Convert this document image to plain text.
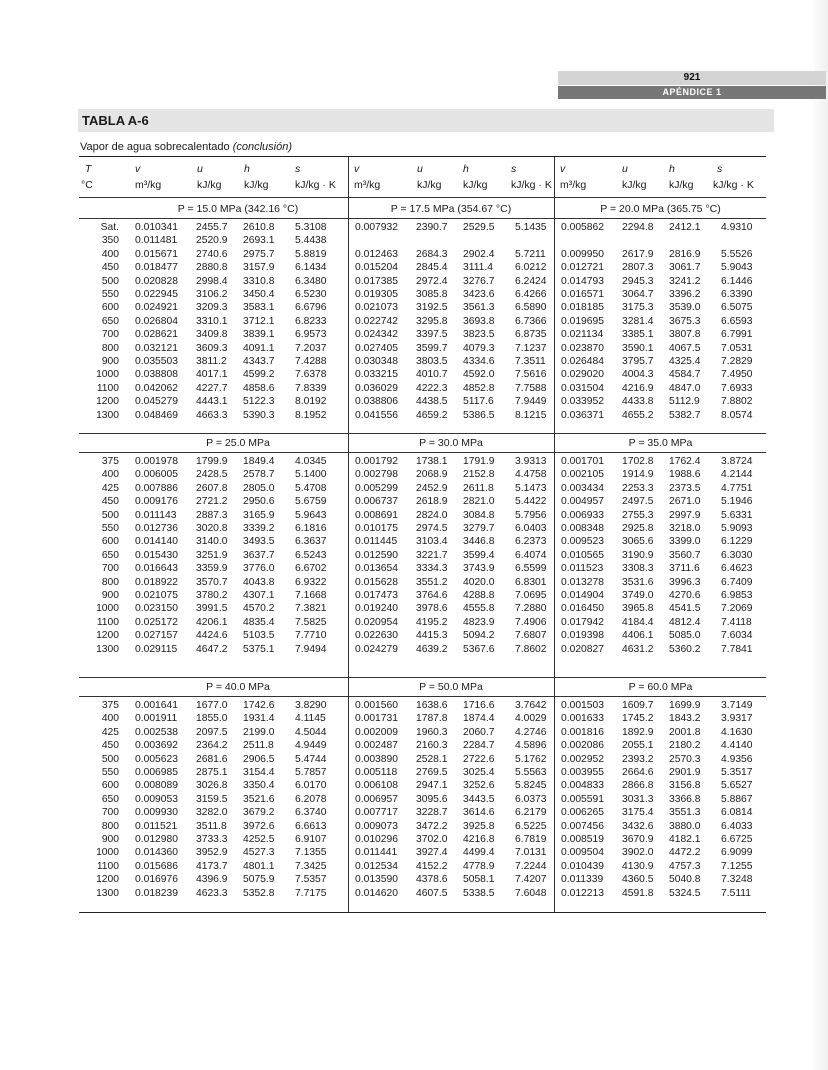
921
APÉNDICE 1
TABLA A-6
Vapor de agua sobrecalentado (conclusión)
T
°C
v	u	h	s
m³/kg	kJ/kg kJ/kg	kJ/kg · K
v	u	h	s
m³/kg	kJ/kg kJ/kg kJ/kg · K
v	u	h	s
m³/kg	kJ/kg kJ/kg kJ/kg · K
P = 15.0 MPa (342.16 °C)	P = 17.5 MPa (354.67 °C)	P = 20.0 MPa (365.75 °C)
Sat. 0.010341 2455.7 2610.8 5.3108	0.007932 2390.7 2529.5 5.1435 0.005862 2294.8 2412.1 4.9310
350 0.011481 2520.9 2693.1 5.4438
400 0.015671 2740.6 2975.7 5.8819	0.012463 2684.3 2902.4 5.7211 0.009950 2617.9 2816.9 5.5526
450 0.018477 2880.8 3157.9 6.1434	0.015204 2845.4 3111.4 6.0212 0.012721 2807.3 3061.7 5.9043
500 0.020828 2998.4 3310.8 6.3480	0.017385 2972.4 3276.7 6.2424 0.014793 2945.3 3241.2 6.1446
550 0.022945 3106.2 3450.4 6.5230	0.019305 3085.8 3423.6 6.4266 0.016571 3064.7 3396.2 6.3390
600 0.024921 3209.3 3583.1 6.6796	0.021073 3192.5 3561.3 6.5890 0.018185 3175.3 3539.0 6.5075
650 0.026804 3310.1 3712.1 6.8233	0.022742 3295.8 3693.8 6.7366 0.019695 3281.4 3675.3 6.6593
700 0.028621 3409.8 3839.1 6.9573	0.024342 3397.5 3823.5 6.8735 0.021134 3385.1 3807.8 6.7991
800 0.032121 3609.3 4091.1 7.2037	0.027405 3599.7 4079.3 7.1237 0.023870 3590.1 4067.5 7.0531
900 0.035503 3811.2 4343.7 7.4288	0.030348 3803.5 4334.6 7.3511 0.026484 3795.7 4325.4 7.2829
1000 0.038808 4017.1 4599.2 7.6378	0.033215 4010.7 4592.0 7.5616 0.029020 4004.3 4584.7 7.4950
1100 0.042062 4227.7 4858.6 7.8339	0.036029 4222.3 4852.8 7.7588 0.031504 4216.9 4847.0 7.6933
1200 0.045279 4443.1 5122.3 8.0192	0.038806 4438.5 5117.6 7.9449 0.033952 4433.8 5112.9 7.8802
1300 0.048469 4663.3 5390.3 8.1952	0.041556 4659.2 5386.5 8.1215 0.036371 4655.2 5382.7 8.0574
P = 25.0 MPa	P = 30.0 MPa	P = 35.0 MPa
375 0.001978 1799.9 1849.4 4.0345	0.001792 1738.1 1791.9 3.9313 0.001701 1702.8 1762.4 3.8724
400 0.006005 2428.5 2578.7 5.1400	0.002798 2068.9 2152.8 4.4758 0.002105 1914.9 1988.6 4.2144
425 0.007886 2607.8 2805.0 5.4708	0.005299 2452.9 2611.8 5.1473 0.003434 2253.3 2373.5 4.7751
450 0.009176 2721.2 2950.6 5.6759	0.006737 2618.9 2821.0 5.4422 0.004957 2497.5 2671.0 5.1946
500 0.011143 2887.3 3165.9 5.9643	0.008691 2824.0 3084.8 5.7956 0.006933 2755.3 2997.9 5.6331
550 0.012736 3020.8 3339.2 6.1816	0.010175 2974.5 3279.7 6.0403 0.008348 2925.8 3218.0 5.9093
600 0.014140 3140.0 3493.5 6.3637	0.011445 3103.4 3446.8 6.2373 0.009523 3065.6 3399.0 6.1229
650 0.015430 3251.9 3637.7 6.5243	0.012590 3221.7 3599.4 6.4074 0.010565 3190.9 3560.7 6.3030
700 0.016643 3359.9 3776.0 6.6702	0.013654 3334.3 3743.9 6.5599 0.011523 3308.3 3711.6 6.4623
800 0.018922 3570.7 4043.8 6.9322	0.015628 3551.2 4020.0 6.8301 0.013278 3531.6 3996.3 6.7409
900 0.021075 3780.2 4307.1 7.1668	0.017473 3764.6 4288.8 7.0695 0.014904 3749.0 4270.6 6.9853
1000 0.023150 3991.5 4570.2 7.3821	0.019240 3978.6 4555.8 7.2880 0.016450 3965.8 4541.5 7.2069
1100 0.025172 4206.1 4835.4 7.5825	0.020954 4195.2 4823.9 7.4906 0.017942 4184.4 4812.4 7.4118
1200 0.027157 4424.6 5103.5 7.7710	0.022630 4415.3 5094.2 7.6807 0.019398 4406.1 5085.0 7.6034
1300 0.029115 4647.2 5375.1 7.9494	0.024279 4639.2 5367.6 7.8602 0.020827 4631.2 5360.2 7.7841
P = 40.0 MPa	P = 50.0 MPa	P = 60.0 MPa
375 0.001641 1677.0 1742.6 3.8290	0.001560 1638.6 1716.6 3.7642 0.001503 1609.7 1699.9 3.7149
400 0.001911 1855.0 1931.4 4.1145	0.001731 1787.8 1874.4 4.0029 0.001633 1745.2 1843.2 3.9317
425 0.002538 2097.5 2199.0 4.5044	0.002009 1960.3 2060.7 4.2746 0.001816 1892.9 2001.8 4.1630
450 0.003692 2364.2 2511.8 4.9449	0.002487 2160.3 2284.7 4.5896 0.002086 2055.1 2180.2 4.4140
500 0.005623 2681.6 2906.5 5.4744	0.003890 2528.1 2722.6 5.1762 0.002952 2393.2 2570.3 4.9356
550 0.006985 2875.1 3154.4 5.7857	0.005118 2769.5 3025.4 5.5563 0.003955 2664.6 2901.9 5.3517
600 0.008089 3026.8 3350.4 6.0170	0.006108 2947.1 3252.6 5.8245 0.004833 2866.8 3156.8 5.6527
650 0.009053 3159.5 3521.6 6.2078	0.006957 3095.6 3443.5 6.0373 0.005591 3031.3 3366.8 5.8867
700 0.009930 3282.0 3679.2 6.3740	0.007717 3228.7 3614.6 6.2179 0.006265 3175.4 3551.3 6.0814
800 0.011521 3511.8 3972.6 6.6613	0.009073 3472.2 3925.8 6.5225 0.007456 3432.6 3880.0 6.4033
900 0.012980 3733.3 4252.5 6.9107	0.010296 3702.0 4216.8 6.7819 0.008519 3670.9 4182.1 6.6725
1000 0.014360 3952.9 4527.3 7.1355	0.011441 3927.4 4499.4 7.0131 0.009504 3902.0 4472.2 6.9099
1100 0.015686 4173.7 4801.1 7.3425	0.012534 4152.2 4778.9 7.2244 0.010439 4130.9 4757.3 7.1255
1200 0.016976 4396.9 5075.9 7.5357	0.013590 4378.6 5058.1 7.4207 0.011339 4360.5 5040.8 7.3248
1300 0.018239 4623.3 5352.8 7.7175	0.014620 4607.5 5338.5 7.6048 0.012213 4591.8 5324.5 7.5111
